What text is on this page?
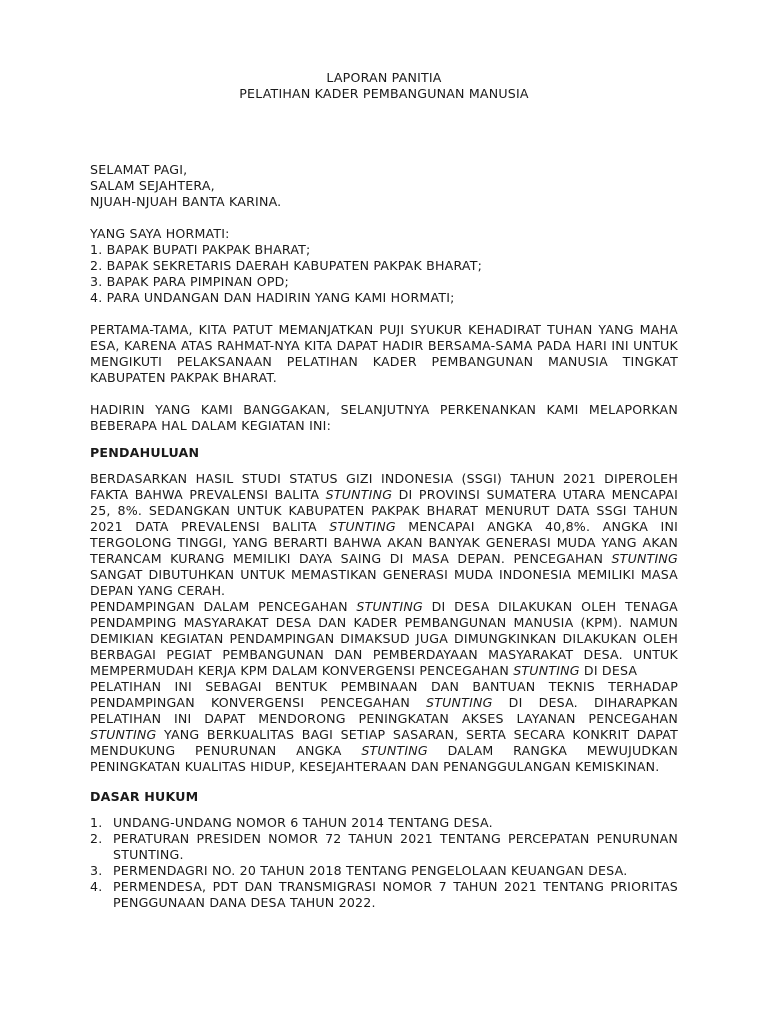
LAPORAN PANITIA

PELATIHAN KADER PEMBANGUNAN MANUSIA

SELAMAT PAGI,
SALAM SEJAHTERA,
NJUAH-NJUAH BANTA KARINA.
YANG SAYA HORMATI:
1. BAPAK BUPATI PAKPAK BHARAT;
2. BAPAK SEKRETARIS DAERAH KABUPATEN PAKPAK BHARAT;
3. BAPAK PARA PIMPINAN OPD;
4. PARA UNDANGAN DAN HADIRIN YANG KAMI HORMATI;
PERTAMA-TAMA, KITA PATUT MEMANJATKAN PUJI SYUKUR KEHADIRAT TUHAN YANG MAHA ESA, KARENA ATAS RAHMAT-NYA KITA DAPAT HADIR BERSAMA-SAMA PADA HARI INI UNTUK MENGIKUTI PELAKSANAAN PELATIHAN KADER PEMBANGUNAN MANUSIA TINGKAT KABUPATEN PAKPAK BHARAT.
HADIRIN YANG KAMI BANGGAKAN, SELANJUTNYA PERKENANKAN KAMI MELAPORKAN BEBERAPA HAL DALAM KEGIATAN INI:
PENDAHULUAN
BERDASARKAN HASIL STUDI STATUS GIZI INDONESIA (SSGI) TAHUN 2021 DIPEROLEH FAKTA BAHWA PREVALENSI BALITA STUNTING DI PROVINSI SUMATERA UTARA MENCAPAI 25, 8%. SEDANGKAN UNTUK KABUPATEN PAKPAK BHARAT MENURUT DATA SSGI TAHUN 2021 DATA PREVALENSI BALITA STUNTING MENCAPAI ANGKA 40,8%. ANGKA INI TERGOLONG TINGGI, YANG BERARTI BAHWA AKAN BANYAK GENERASI MUDA YANG AKAN TERANCAM KURANG MEMILIKI DAYA SAING DI MASA DEPAN. PENCEGAHAN STUNTING SANGAT DIBUTUHKAN UNTUK MEMASTIKAN GENERASI MUDA INDONESIA MEMILIKI MASA DEPAN YANG CERAH.
PENDAMPINGAN DALAM PENCEGAHAN STUNTING DI DESA DILAKUKAN OLEH TENAGA PENDAMPING MASYARAKAT DESA DAN KADER PEMBANGUNAN MANUSIA (KPM). NAMUN DEMIKIAN KEGIATAN PENDAMPINGAN DIMAKSUD JUGA DIMUNGKINKAN DILAKUKAN OLEH BERBAGAI PEGIAT PEMBANGUNAN DAN PEMBERDAYAAN MASYARAKAT DESA. UNTUK MEMPERMUDAH KERJA KPM DALAM KONVERGENSI PENCEGAHAN STUNTING DI DESA
PELATIHAN INI SEBAGAI BENTUK PEMBINAAN DAN BANTUAN TEKNIS TERHADAP PENDAMPINGAN KONVERGENSI PENCEGAHAN STUNTING DI DESA. DIHARAPKAN PELATIHAN INI DAPAT MENDORONG PENINGKATAN AKSES LAYANAN PENCEGAHAN STUNTING YANG BERKUALITAS BAGI SETIAP SASARAN, SERTA SECARA KONKRIT DAPAT MENDUKUNG PENURUNAN ANGKA STUNTING DALAM RANGKA MEWUJUDKAN PENINGKATAN KUALITAS HIDUP, KESEJAHTERAAN DAN PENANGGULANGAN KEMISKINAN.
DASAR HUKUM
1. UNDANG-UNDANG NOMOR 6 TAHUN 2014 TENTANG DESA.
2. PERATURAN PRESIDEN NOMOR 72 TAHUN 2021 TENTANG PERCEPATAN PENURUNAN STUNTING.
3. PERMENDAGRI NO. 20 TAHUN 2018 TENTANG PENGELOLAAN KEUANGAN DESA.
4. PERMENDESA, PDT DAN TRANSMIGRASI NOMOR 7 TAHUN 2021 TENTANG PRIORITAS PENGGUNAAN DANA DESA TAHUN 2022.
